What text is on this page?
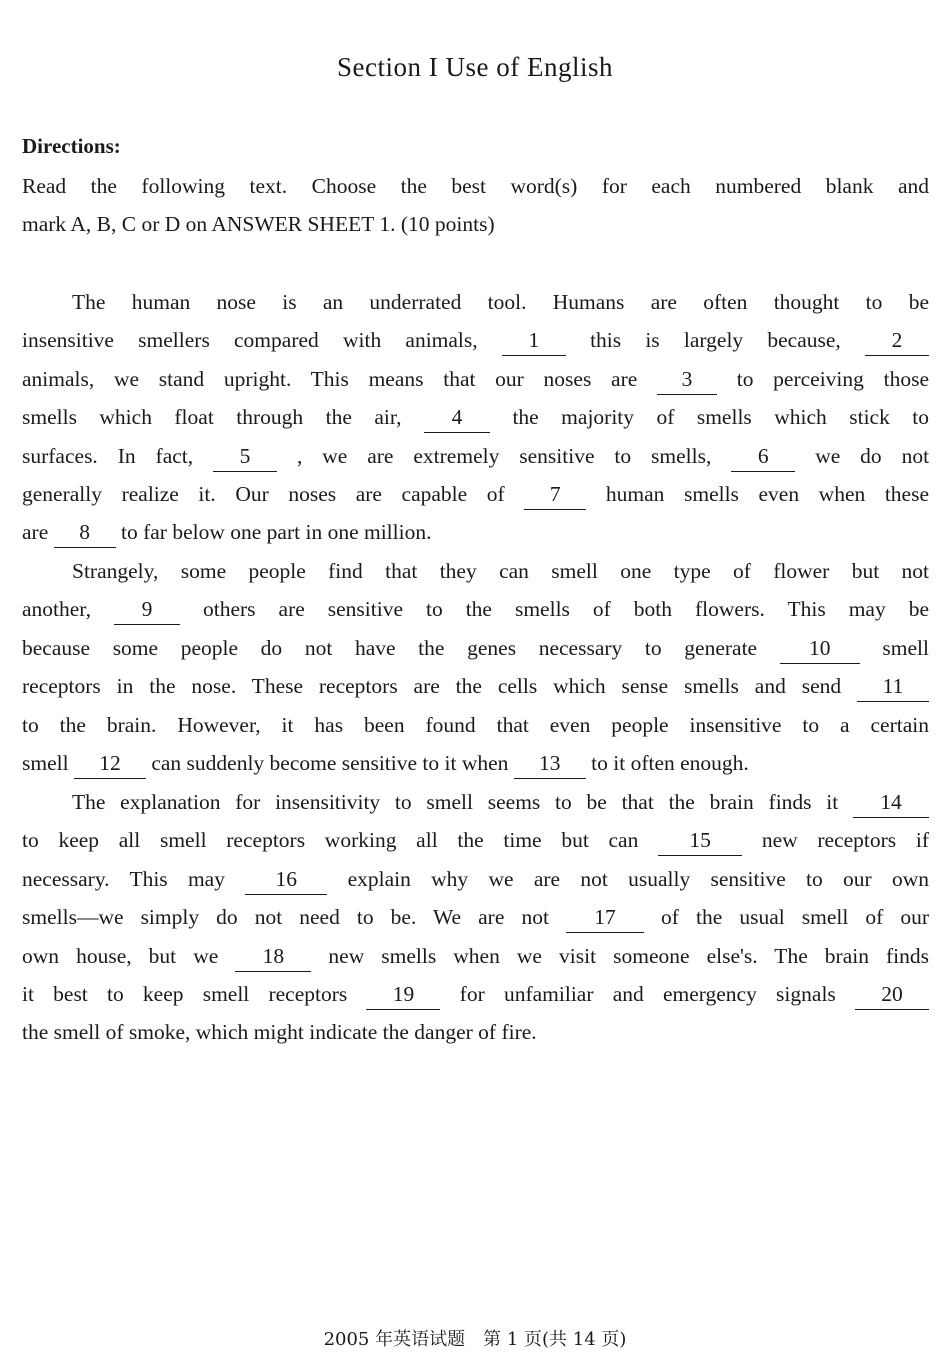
Section I Use of English
Directions:
Read the following text. Choose the best word(s) for each numbered blank and
mark A, B, C or D on ANSWER SHEET 1. (10 points)
The human nose is an underrated tool. Humans are often thought to be
insensitive smellers compared with animals, 1 this is largely because, 2
animals, we stand upright. This means that our noses are 3 to perceiving those
smells which float through the air, 4 the majority of smells which stick to
surfaces. In fact, 5 , we are extremely sensitive to smells, 6 we do not
generally realize it. Our noses are capable of 7 human smells even when these
are 8 to far below one part in one million.
Strangely, some people find that they can smell one type of flower but not
another, 9 others are sensitive to the smells of both flowers. This may be
because some people do not have the genes necessary to generate 10 smell
receptors in the nose. These receptors are the cells which sense smells and send 11
to the brain. However, it has been found that even people insensitive to a certain
smell 12 can suddenly become sensitive to it when 13 to it often enough.
The explanation for insensitivity to smell seems to be that the brain finds it 14
to keep all smell receptors working all the time but can 15 new receptors if
necessary. This may 16 explain why we are not usually sensitive to our own
smells—we simply do not need to be. We are not 17 of the usual smell of our
own house, but we 18 new smells when we visit someone else's. The brain finds
it best to keep smell receptors 19 for unfamiliar and emergency signals 20
the smell of smoke, which might indicate the danger of fire.
2005 年英语试题　第 1 页(共 14 页)
